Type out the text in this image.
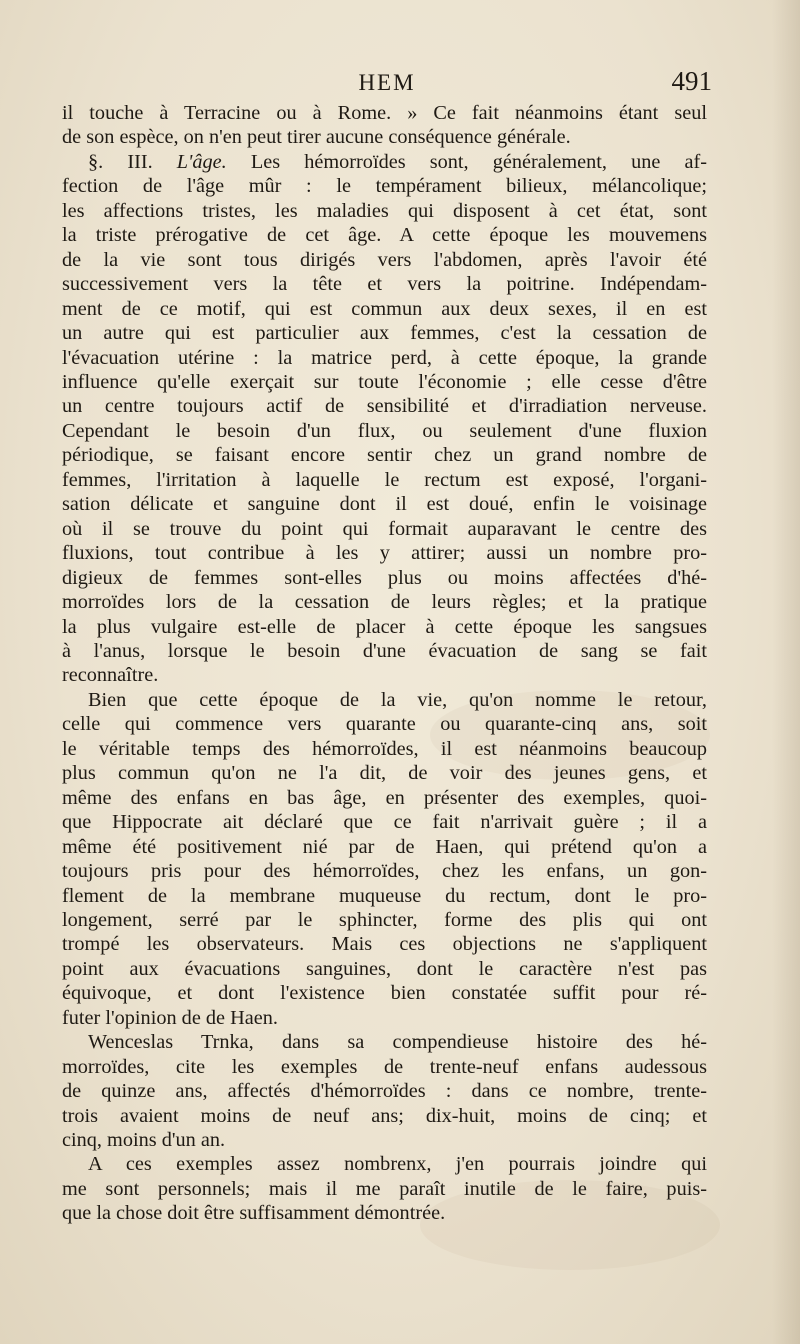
HEM	491
il touche à Terracine ou à Rome. » Ce fait néanmoins étant seul
de son espèce, on n'en peut tirer aucune conséquence générale.
§. III. L'âge. Les hémorroïdes sont, généralement, une af-
fection de l'âge mûr : le tempérament bilieux, mélancolique;
les affections tristes, les maladies qui disposent à cet état, sont
la triste prérogative de cet âge. A cette époque les mouvemens
de la vie sont tous dirigés vers l'abdomen, après l'avoir été
successivement vers la tête et vers la poitrine. Indépendam-
ment de ce motif, qui est commun aux deux sexes, il en est
un autre qui est particulier aux femmes, c'est la cessation de
l'évacuation utérine : la matrice perd, à cette époque, la grande
influence qu'elle exerçait sur toute l'économie ; elle cesse d'être
un centre toujours actif de sensibilité et d'irradiation nerveuse.
Cependant le besoin d'un flux, ou seulement d'une fluxion
périodique, se faisant encore sentir chez un grand nombre de
femmes, l'irritation à laquelle le rectum est exposé, l'organi-
sation délicate et sanguine dont il est doué, enfin le voisinage
où il se trouve du point qui formait auparavant le centre des
fluxions, tout contribue à les y attirer; aussi un nombre pro-
digieux de femmes sont-elles plus ou moins affectées d'hé-
morroïdes lors de la cessation de leurs règles; et la pratique
la plus vulgaire est-elle de placer à cette époque les sangsues
à l'anus, lorsque le besoin d'une évacuation de sang se fait
reconnaître.
Bien que cette époque de la vie, qu'on nomme le retour,
celle qui commence vers quarante ou quarante-cinq ans, soit
le véritable temps des hémorroïdes, il est néanmoins beaucoup
plus commun qu'on ne l'a dit, de voir des jeunes gens, et
même des enfans en bas âge, en présenter des exemples, quoi-
que Hippocrate ait déclaré que ce fait n'arrivait guère ; il a
même été positivement nié par de Haen, qui prétend qu'on a
toujours pris pour des hémorroïdes, chez les enfans, un gon-
flement de la membrane muqueuse du rectum, dont le pro-
longement, serré par le sphincter, forme des plis qui ont
trompé les observateurs. Mais ces objections ne s'appliquent
point aux évacuations sanguines, dont le caractère n'est pas
équivoque, et dont l'existence bien constatée suffit pour ré-
futer l'opinion de de Haen.
Wenceslas Trnka, dans sa compendieuse histoire des hé-
morroïdes, cite les exemples de trente-neuf enfans audessous
de quinze ans, affectés d'hémorroïdes : dans ce nombre, trente-
trois avaient moins de neuf ans; dix-huit, moins de cinq; et
cinq, moins d'un an.
A ces exemples assez nombrenx, j'en pourrais joindre qui
me sont personnels; mais il me paraît inutile de le faire, puis-
que la chose doit être suffisamment démontrée.
